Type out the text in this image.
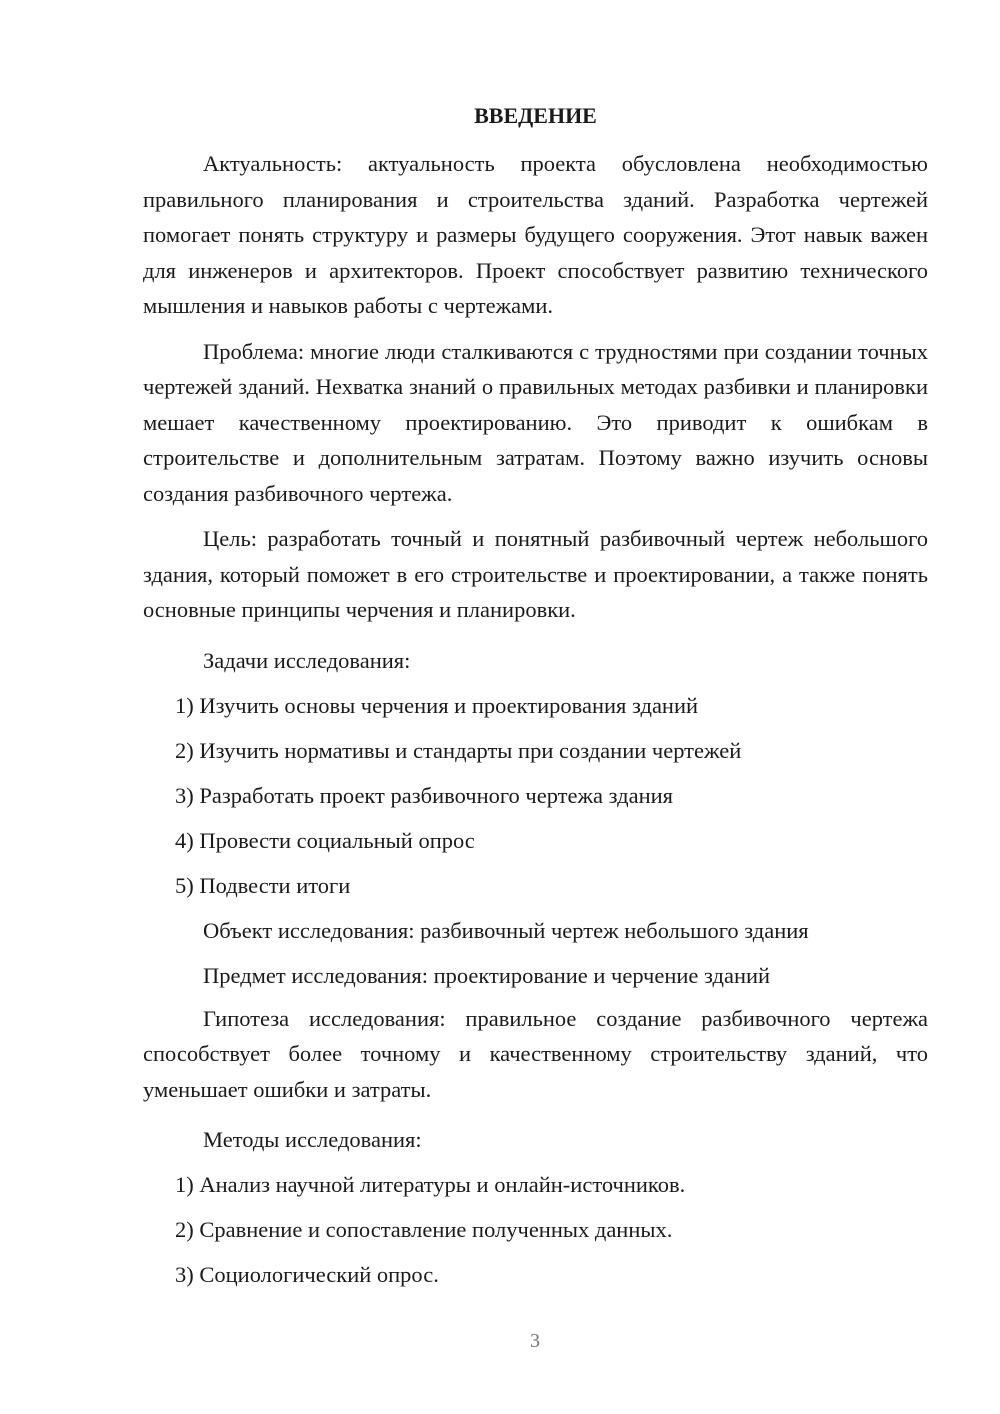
ВВЕДЕНИЕ

Актуальность: актуальность проекта обусловлена необходимостью правильного планирования и строительства зданий. Разработка чертежей помогает понять структуру и размеры будущего сооружения. Этот навык важен для инженеров и архитекторов. Проект способствует развитию технического мышления и навыков работы с чертежами.

Проблема: многие люди сталкиваются с трудностями при создании точных чертежей зданий. Нехватка знаний о правильных методах разбивки и планировки мешает качественному проектированию. Это приводит к ошибкам в строительстве и дополнительным затратам. Поэтому важно изучить основы создания разбивочного чертежа.

Цель: разработать точный и понятный разбивочный чертеж небольшого здания, который поможет в его строительстве и проектировании, а также понять основные принципы черчения и планировки.

Задачи исследования:

1) Изучить основы черчения и проектирования зданий
2) Изучить нормативы и стандарты при создании чертежей
3) Разработать проект разбивочного чертежа здания
4) Провести социальный опрос
5) Подвести итоги

Объект исследования: разбивочный чертеж небольшого здания

Предмет исследования: проектирование и черчение зданий

Гипотеза исследования: правильное создание разбивочного чертежа способствует более точному и качественному строительству зданий, что уменьшает ошибки и затраты.

Методы исследования:

1) Анализ научной литературы и онлайн-источников.
2) Сравнение и сопоставление полученных данных.
3) Социологический опрос.
3
